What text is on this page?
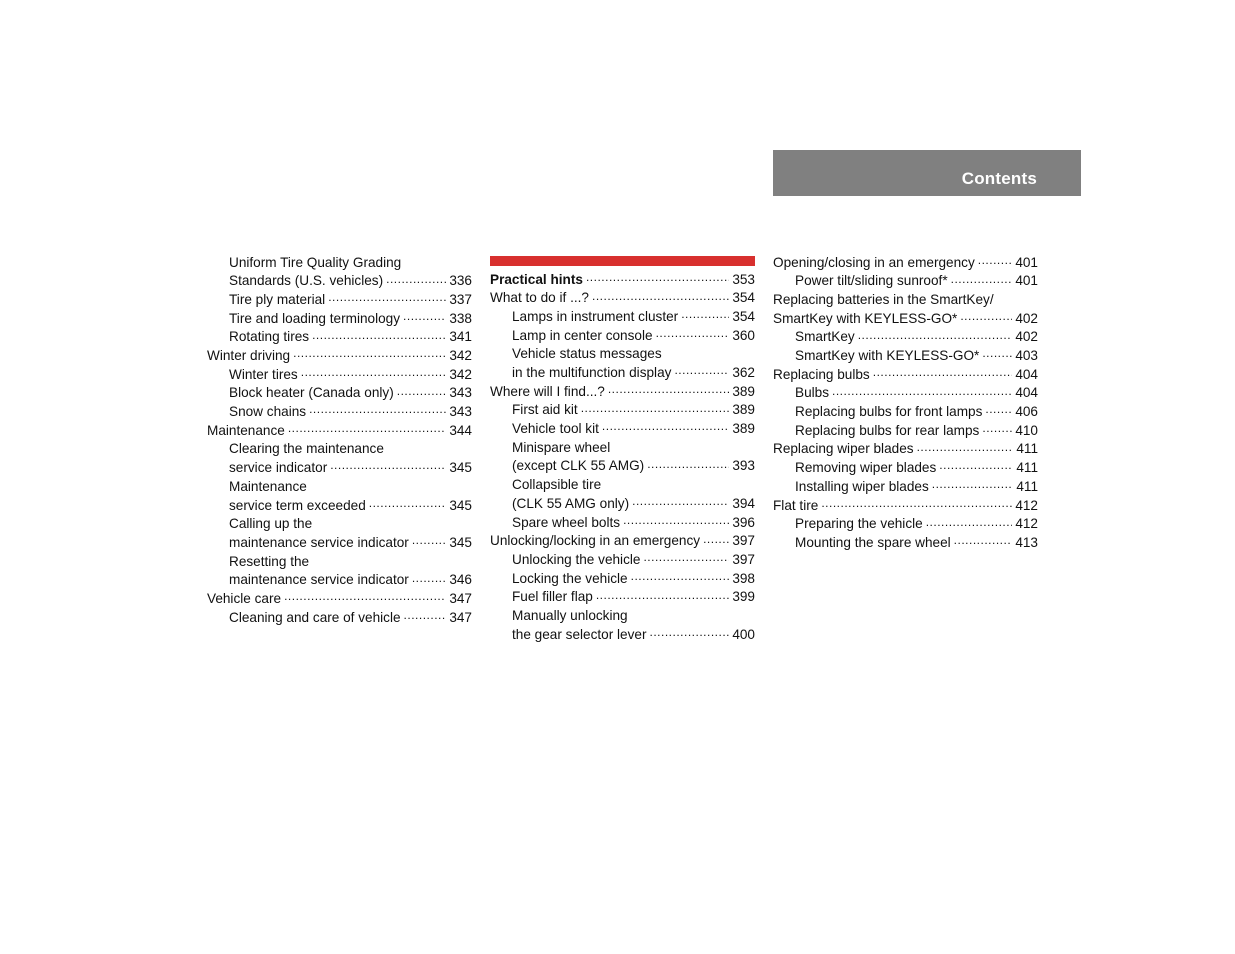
Contents
Uniform Tire Quality Grading
Standards (U.S. vehicles) .....	336
Tire ply material .....	337
Tire and loading terminology .....	338
Rotating tires .....	341
Winter driving .....	342
Winter tires .....	342
Block heater (Canada only) .....	343
Snow chains .....	343
Maintenance .....	344
Clearing the maintenance
service indicator .....	345
Maintenance
service term exceeded .....	345
Calling up the
maintenance service indicator .....	345
Resetting the
maintenance service indicator .....	346
Vehicle care .....	347
Cleaning and care of vehicle .....	347
Practical hints .....	353
What to do if ...? .....	354
Lamps in instrument cluster .....	354
Lamp in center console .....	360
Vehicle status messages
in the multifunction display .....	362
Where will I find...? .....	389
First aid kit .....	389
Vehicle tool kit .....	389
Minispare wheel
(except CLK 55 AMG) .....	393
Collapsible tire
(CLK 55 AMG only) .....	394
Spare wheel bolts .....	396
Unlocking/locking in an emergency ..... 397
Unlocking the vehicle .....	397
Locking the vehicle .....	398
Fuel filler flap .....	399
Manually unlocking
the gear selector lever .....	400
Opening/closing in an emergency .....	401
Power tilt/sliding sunroof* .....	401
Replacing batteries in the SmartKey/
SmartKey with KEYLESS-GO* .....	402
SmartKey .....	402
SmartKey with KEYLESS-GO* .....	403
Replacing bulbs .....	404
Bulbs .....	404
Replacing bulbs for front lamps ..... 406
Replacing bulbs for rear lamps .....	410
Replacing wiper blades .....	411
Removing wiper blades .....	411
Installing wiper blades .....	411
Flat tire .....	412
Preparing the vehicle .....	412
Mounting the spare wheel .....	413
